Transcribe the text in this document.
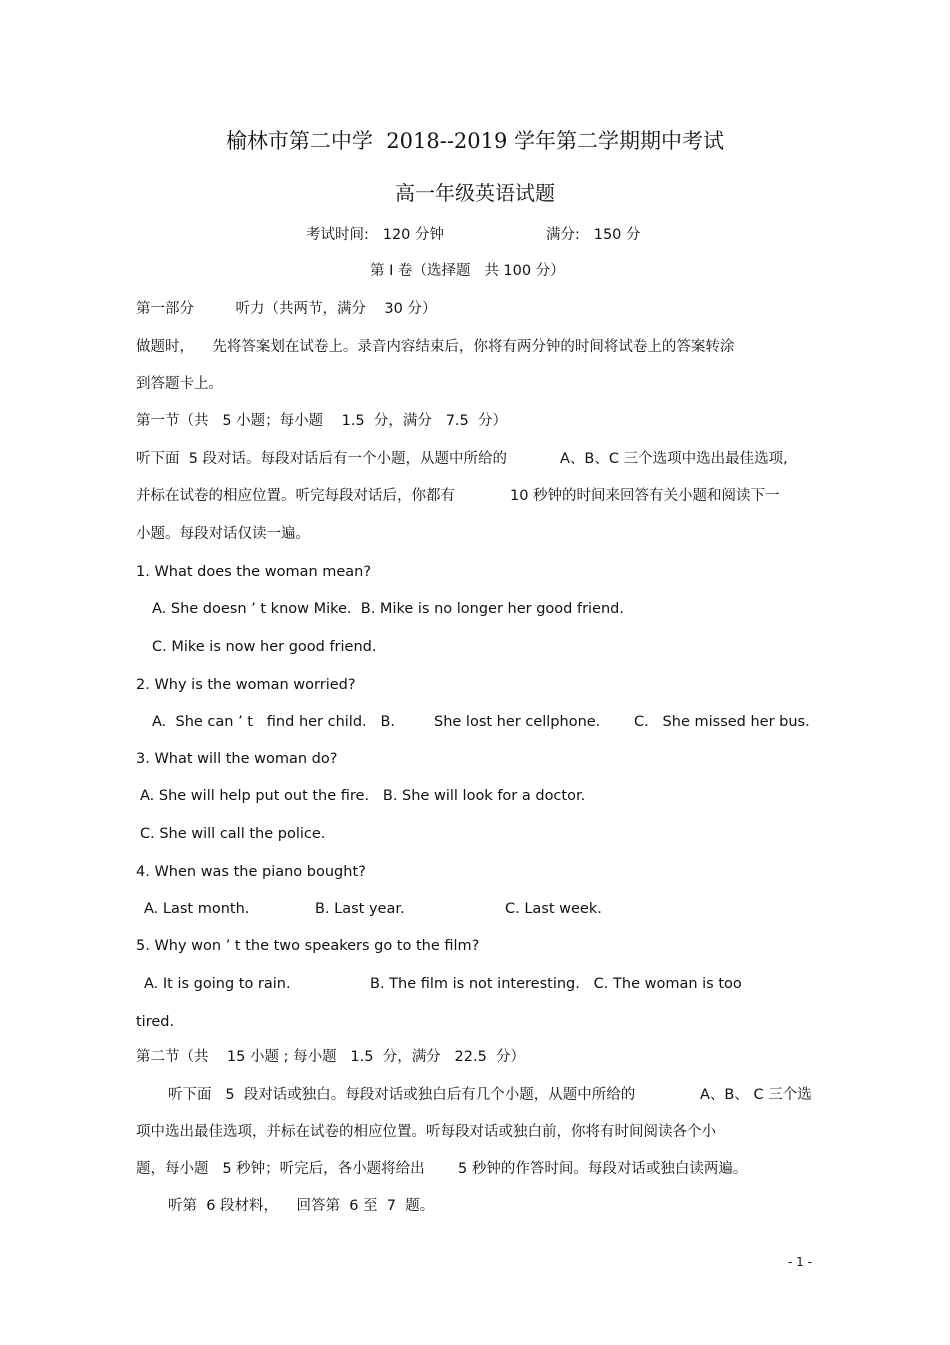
榆林市第二中学  2018--2019 学年第二学期期中考试
高一年级英语试题
考试时间:   120 分钟	满分:   150 分
第 I 卷（选择题   共 100 分）
第一部分         听力（共两节，满分    30 分）
做题时，    先将答案划在试卷上。录音内容结束后，你将有两分钟的时间将试卷上的答案转涂
到答题卡上。
第一节（共   5 小题；每小题    1.5  分，满分   7.5  分）
听下面  5 段对话。每段对话后有一个小题，从题中所给的	A、B、C 三个选项中选出最佳选项,
并标在试卷的相应位置。听完每段对话后，你都有	10 秒钟的时间来回答有关小题和阅读下一
小题。每段对话仅读一遍。
1. What does the woman mean?
A. She doesn ’ t know Mike.  B. Mike is no longer her good friend.
C. Mike is now her good friend.
2. Why is the woman worried?
A.  She can ’ t   find her child.   B.	She lost her cellphone. C.   She missed her bus.
3. What will the woman do?
A. She will help put out the fire.   B. She will look for a doctor.
C. She will call the police.
4. When was the piano bought?
A. Last month.	B. Last year.	C. Last week.
5. Why won ’ t the two speakers go to the film?
A. It is going to rain.	B. The film is not interesting.   C. The woman is too
tired.
第二节（共    15 小题 ; 每小题   1.5  分，满分   22.5  分）
听下面   5  段对话或独白。每段对话或独白后有几个小题，从题中所给的	A、B、 C 三个选
项中选出最佳选项，并标在试卷的相应位置。听每段对话或独白前，你将有时间阅读各个小
题，每小题   5 秒钟；听完后，各小题将给出 5 秒钟的作答时间。每段对话或独白读两遍。
听第  6 段材料，    回答第  6 至  7  题。
- 1 -
